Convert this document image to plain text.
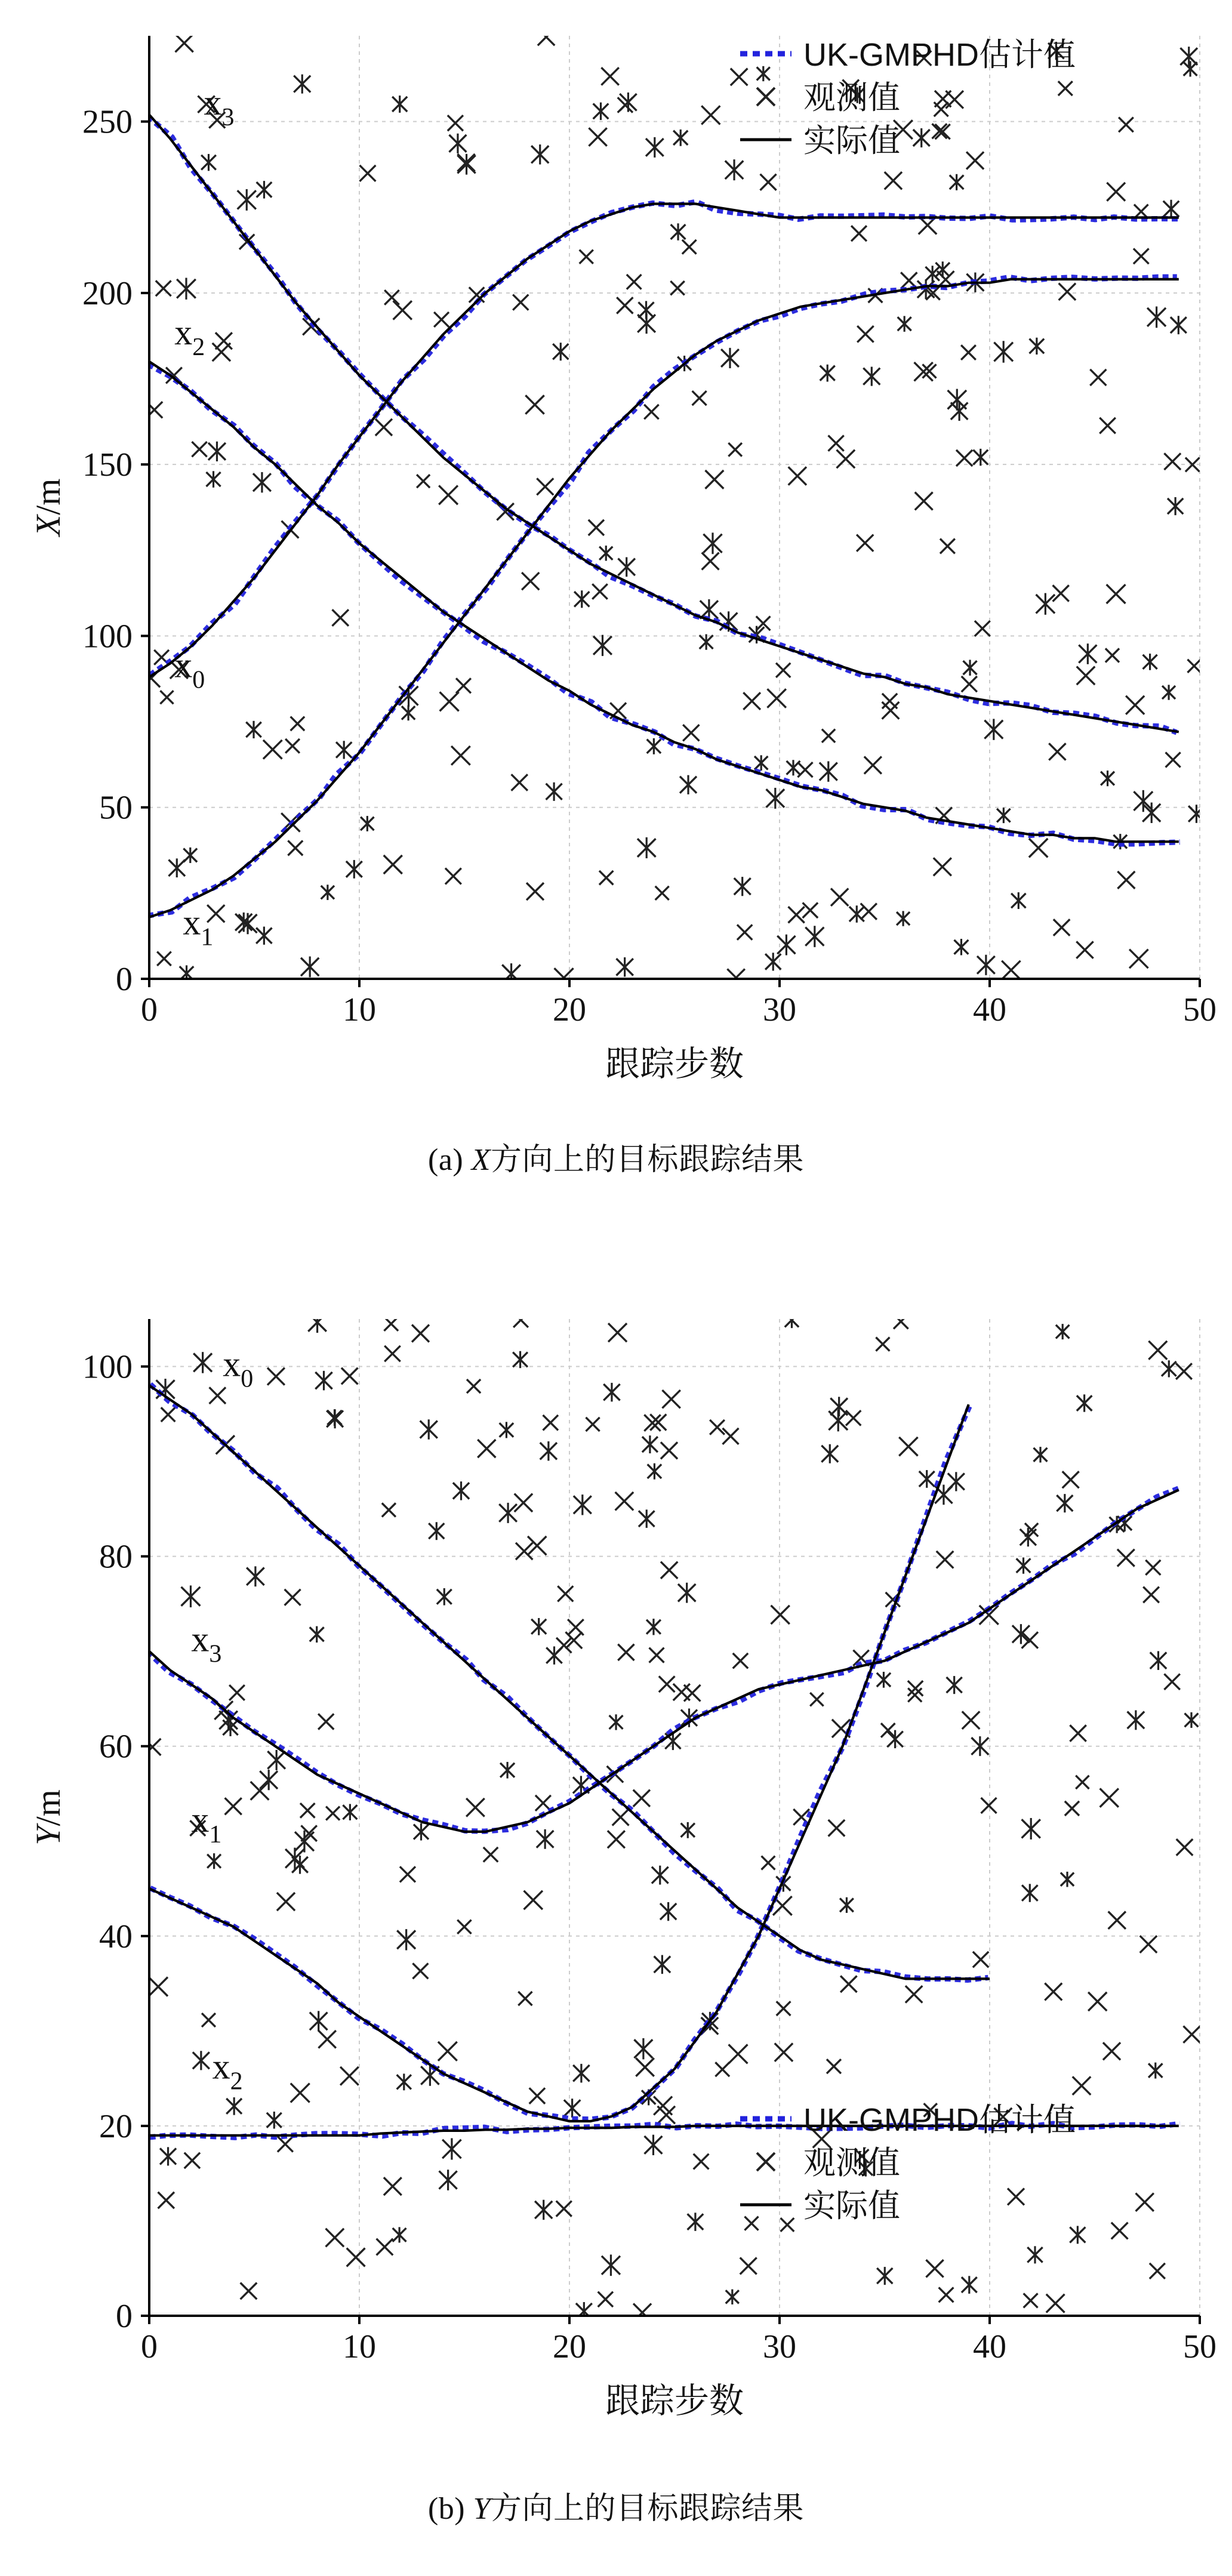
0	10	20	30	40	50
0
50
100
150
200
250
跟踪步数
X/m
$x_3$
$x_2$
$x_0$
$x_1$
UK-GMPHD估计值
观测值
实际值
(a) X方向上的目标跟踪结果
0	10	20	30	40	50
0
20
40
60
80
100
跟踪步数
Y/m
$x_0$
$x_3$
$x_1$
$x_2$
UK-GMPHD估计值
观测值
实际值
(b) Y方向上的目标跟踪结果
